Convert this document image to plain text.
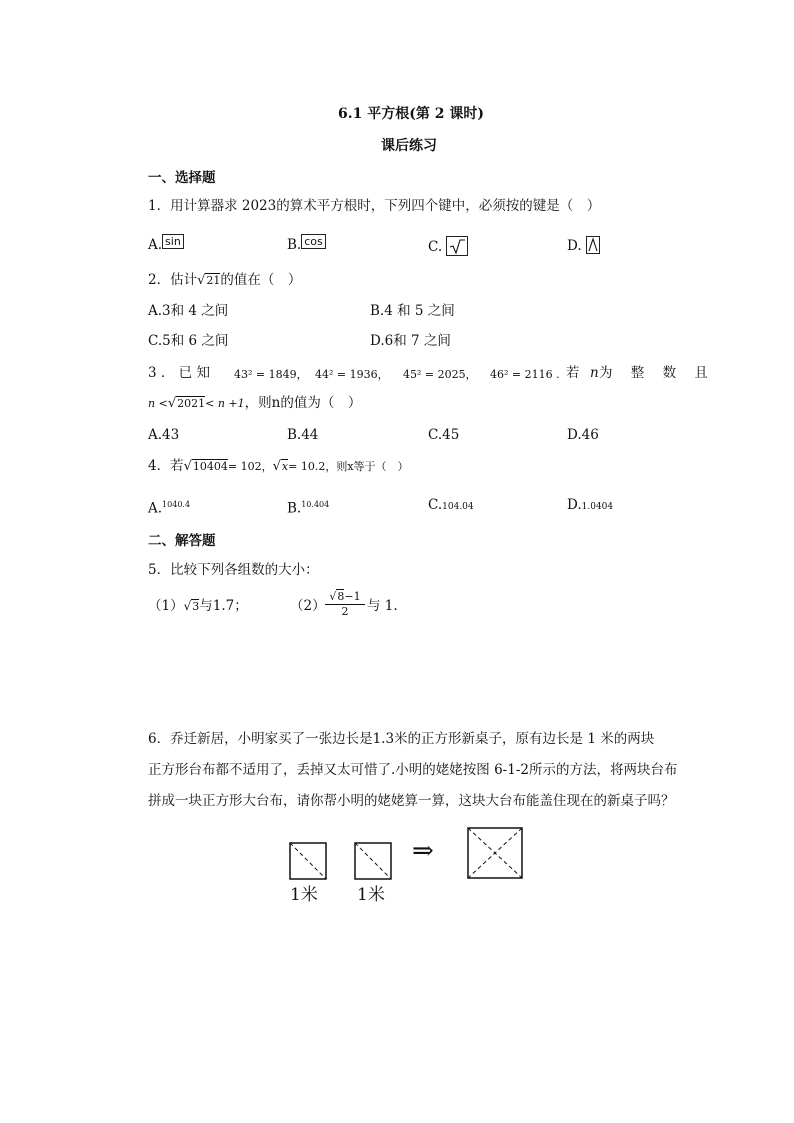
6.1 平方根(第 2 课时)
课后练习
一、选择题
1．用计算器求 2023的算术平方根时，下列四个键中，必须按的键是（　）
A. sin	B. cos	C.	D.
2．估计√21的值在（　）
A.3和 4 之间	B.4 和 5 之间
C.5和 6 之间	D.6和 7 之间
3 ． 已 知 43² = 1849， 44² = 1936， 45² = 2025， 46² = 2116 . 若 n 为 整 数 且
n <√2021< n +1，则n的值为（　）
A.43	B.44	C.45	D.46
4．若√10404= 102，√x= 10.2，则x等于（　）
A.$^{1040.4}$	B.$^{10.404}$	C.104.04	D.1.0404
二、解答题
5．比较下列各组数的大小：
（1）√3与1.7；	$(2) \frac{√8-1}{2}$ 与 1.
6．乔迁新居，小明家买了一张边长是1.3米的正方形新桌子，原有边长是 1 米的两块
正方形台布都不适用了，丢掉又太可惜了.小明的姥姥按图 6-1-2所示的方法，将两块台布
拼成一块正方形大台布，请你帮小明的姥姥算一算，这块大台布能盖住现在的新桌子吗？
⇒
1米 1米
